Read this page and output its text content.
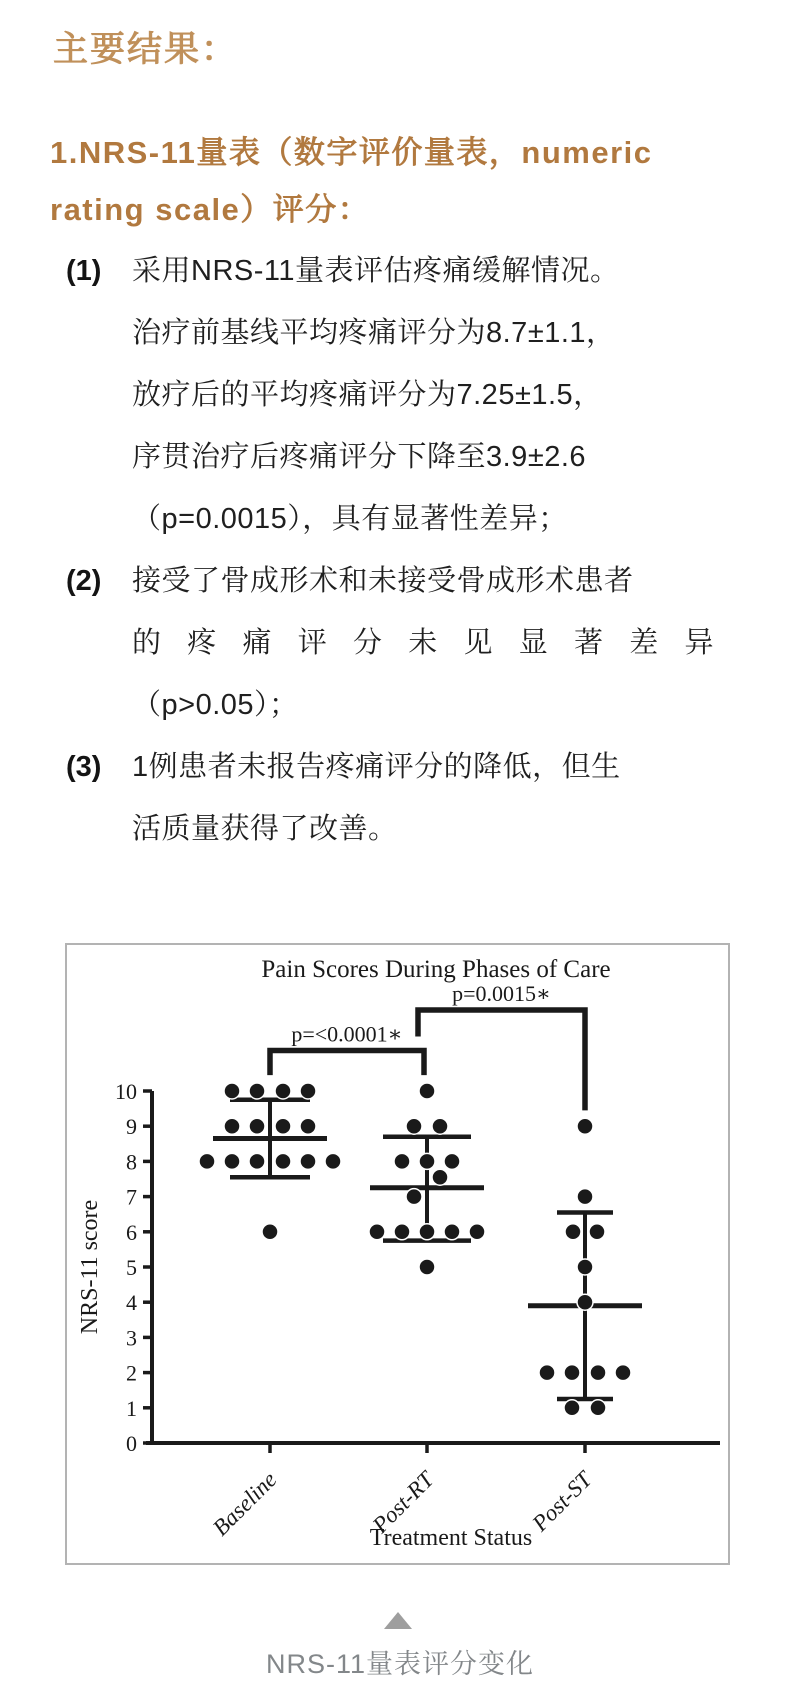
主要结果：
1.NRS-11量表（数字评价量表，numeric
rating scale）评分：
(1)	采用NRS-11量表评估疼痛缓解情况。
治疗前基线平均疼痛评分为8.7±1.1，
放疗后的平均疼痛评分为7.25±1.5，
序贯治疗后疼痛评分下降至3.9±2.6
（p=0.0015），具有显著性差异；
(2)	接受了骨成形术和未接受骨成形术患者
的疼痛评分未见显著差异
（p>0.05）；
(3)	1例患者未报告疼痛评分的降低，但生
活质量获得了改善。
Pain Scores During Phases of Care
0
1
2
3
4
5
6
7
8
9
10
Baseline	Post-RT	Post-ST
NRS-11 score
Treatment Status
p=<0.0001∗
p=0.0015∗
NRS-11量表评分变化
